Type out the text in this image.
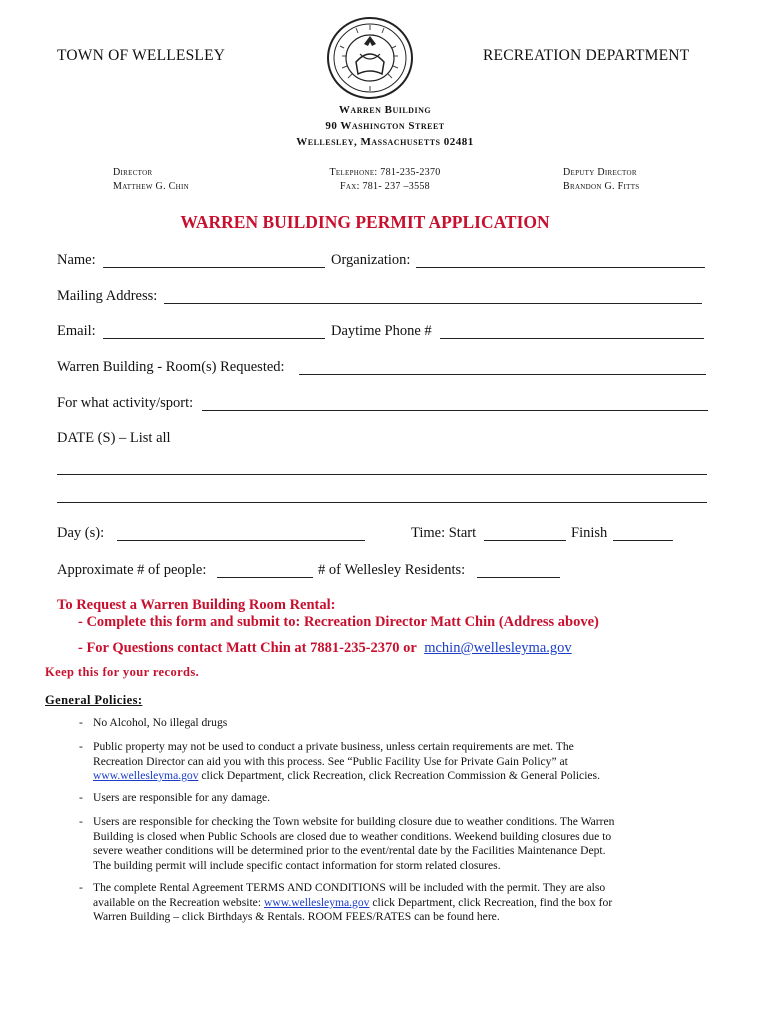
TOWN OF WELLESLEY	RECREATION DEPARTMENT
Warren Building
90 Washington Street
Wellesley, Massachusetts 02481
Director
Matthew G. Chin
Telephone: 781-235-2370
Fax: 781- 237 –3558
Deputy Director
Brandon G. Fitts
WARREN BUILDING PERMIT APPLICATION
Name:	Organization:
Mailing Address:
Email:	Daytime Phone #
Warren Building - Room(s) Requested:
For what activity/sport:
DATE (S) – List all
Day (s):	Time: Start	Finish
Approximate # of people:	# of Wellesley Residents:
To Request a Warren Building Room Rental:
- Complete this form and submit to: Recreation Director Matt Chin (Address above)
- For Questions contact Matt Chin at 7881-235-2370 or mchin@wellesleyma.gov
Keep this for your records.
General Policies:
- No Alcohol, No illegal drugs
- Public property may not be used to conduct a private business, unless certain requirements are met. The
Recreation Director can aid you with this process. See “Public Facility Use for Private Gain Policy” at
www.wellesleyma.gov click Department, click Recreation, click Recreation Commission & General Policies.
- Users are responsible for any damage.
- Users are responsible for checking the Town website for building closure due to weather conditions. The Warren
Building is closed when Public Schools are closed due to weather conditions. Weekend building closures due to
severe weather conditions will be determined prior to the event/rental date by the Facilities Maintenance Dept.
The building permit will include specific contact information for storm related closures.
- The complete Rental Agreement TERMS AND CONDITIONS will be included with the permit. They are also
available on the Recreation website: www.wellesleyma.gov click Department, click Recreation, find the box for
Warren Building – click Birthdays & Rentals. ROOM FEES/RATES can be found here.
